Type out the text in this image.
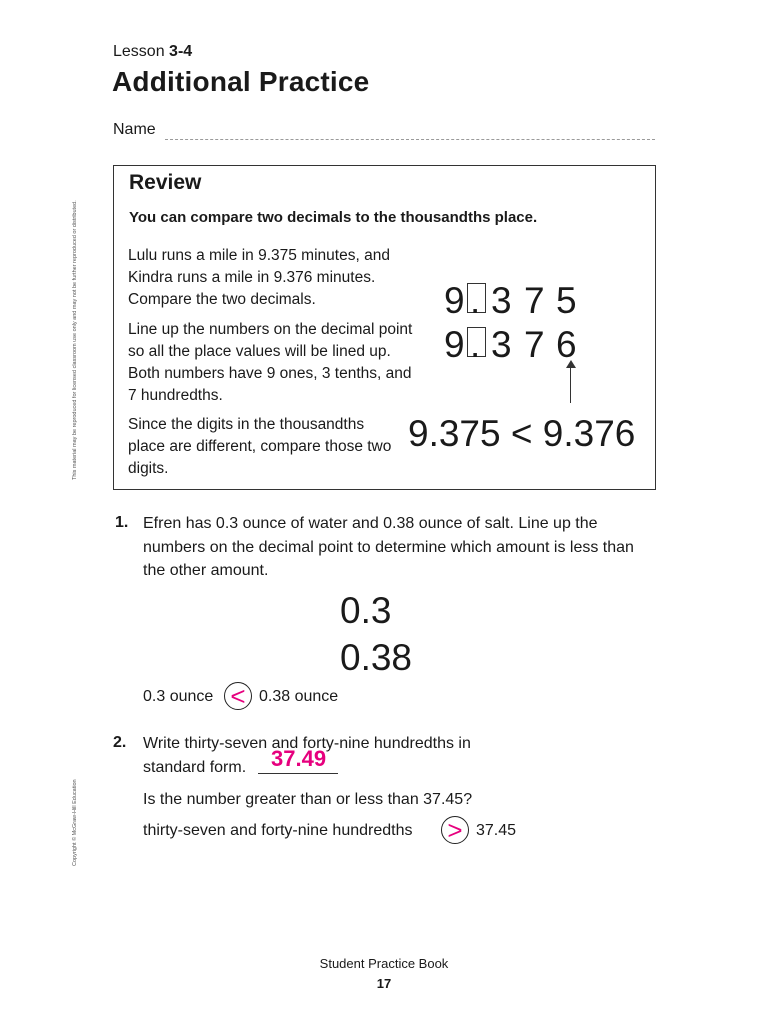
Lesson 3-4
Additional Practice
Name
This material may be reproduced for licensed classroom use only and may not be further reproduced or distributed.
Copyright © McGraw-Hill Education
Review
You can compare two decimals to the thousandths place.
Lulu runs a mile in 9.375 minutes, and Kindra runs a mile in 9.376 minutes. Compare the two decimals.
Line up the numbers on the decimal point so all the place values will be lined up. Both numbers have 9 ones, 3 tenths, and 7 hundredths.
Since the digits in the thousandths place are different, compare those two digits.
9 . 3 7 5
9 . 3 7 6
9.375 < 9.376
1. Efren has 0.3 ounce of water and 0.38 ounce of salt. Line up the numbers on the decimal point to determine which amount is less than the other amount.
0.3
0.38
0.3 ounce < 0.38 ounce
2. Write thirty-seven and forty-nine hundredths in
standard form. 37.49
Is the number greater than or less than 37.45?
thirty-seven and forty-nine hundredths > 37.45
Student Practice Book
17
